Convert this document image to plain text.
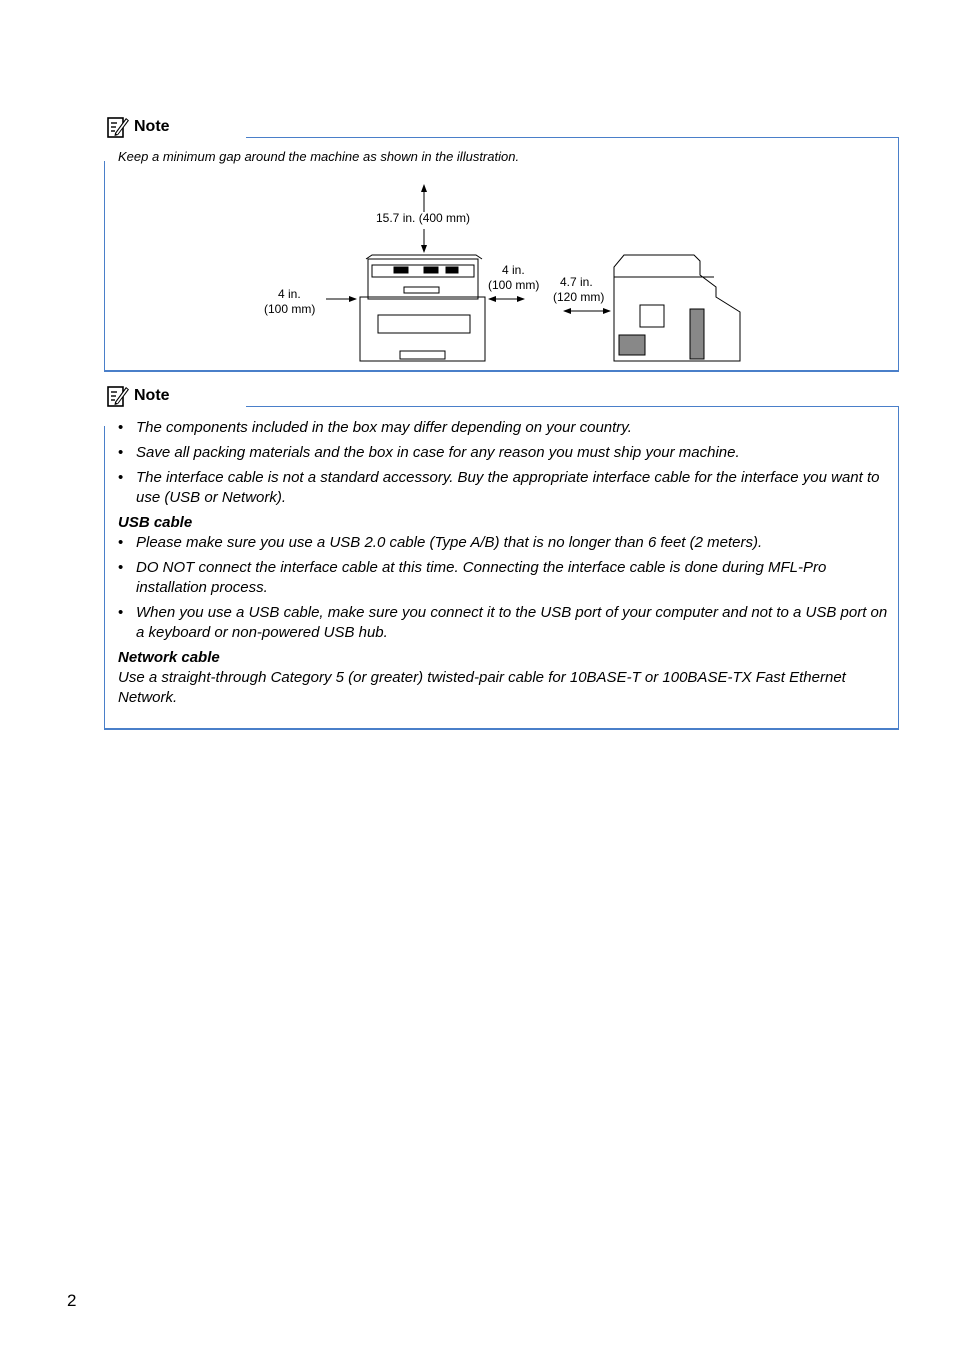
Note
Keep a minimum gap around the machine as shown in the illustration.
15.7 in. (400 mm)
4 in.
(100 mm)
4 in.
(100 mm) 4.7 in.
(120 mm)
Note
• The components included in the box may differ depending on your country.
• Save all packing materials and the box in case for any reason you must ship your machine.
• The interface cable is not a standard accessory. Buy the appropriate interface cable for the interface you want to use (USB or Network).
USB cable
• Please make sure you use a USB 2.0 cable (Type A/B) that is no longer than 6 feet (2 meters).
• DO NOT connect the interface cable at this time. Connecting the interface cable is done during MFL-Pro installation process.
• When you use a USB cable, make sure you connect it to the USB port of your computer and not to a USB port on a keyboard or non-powered USB hub.
Network cable
Use a straight-through Category 5 (or greater) twisted-pair cable for 10BASE-T or 100BASE-TX Fast Ethernet Network.
2
